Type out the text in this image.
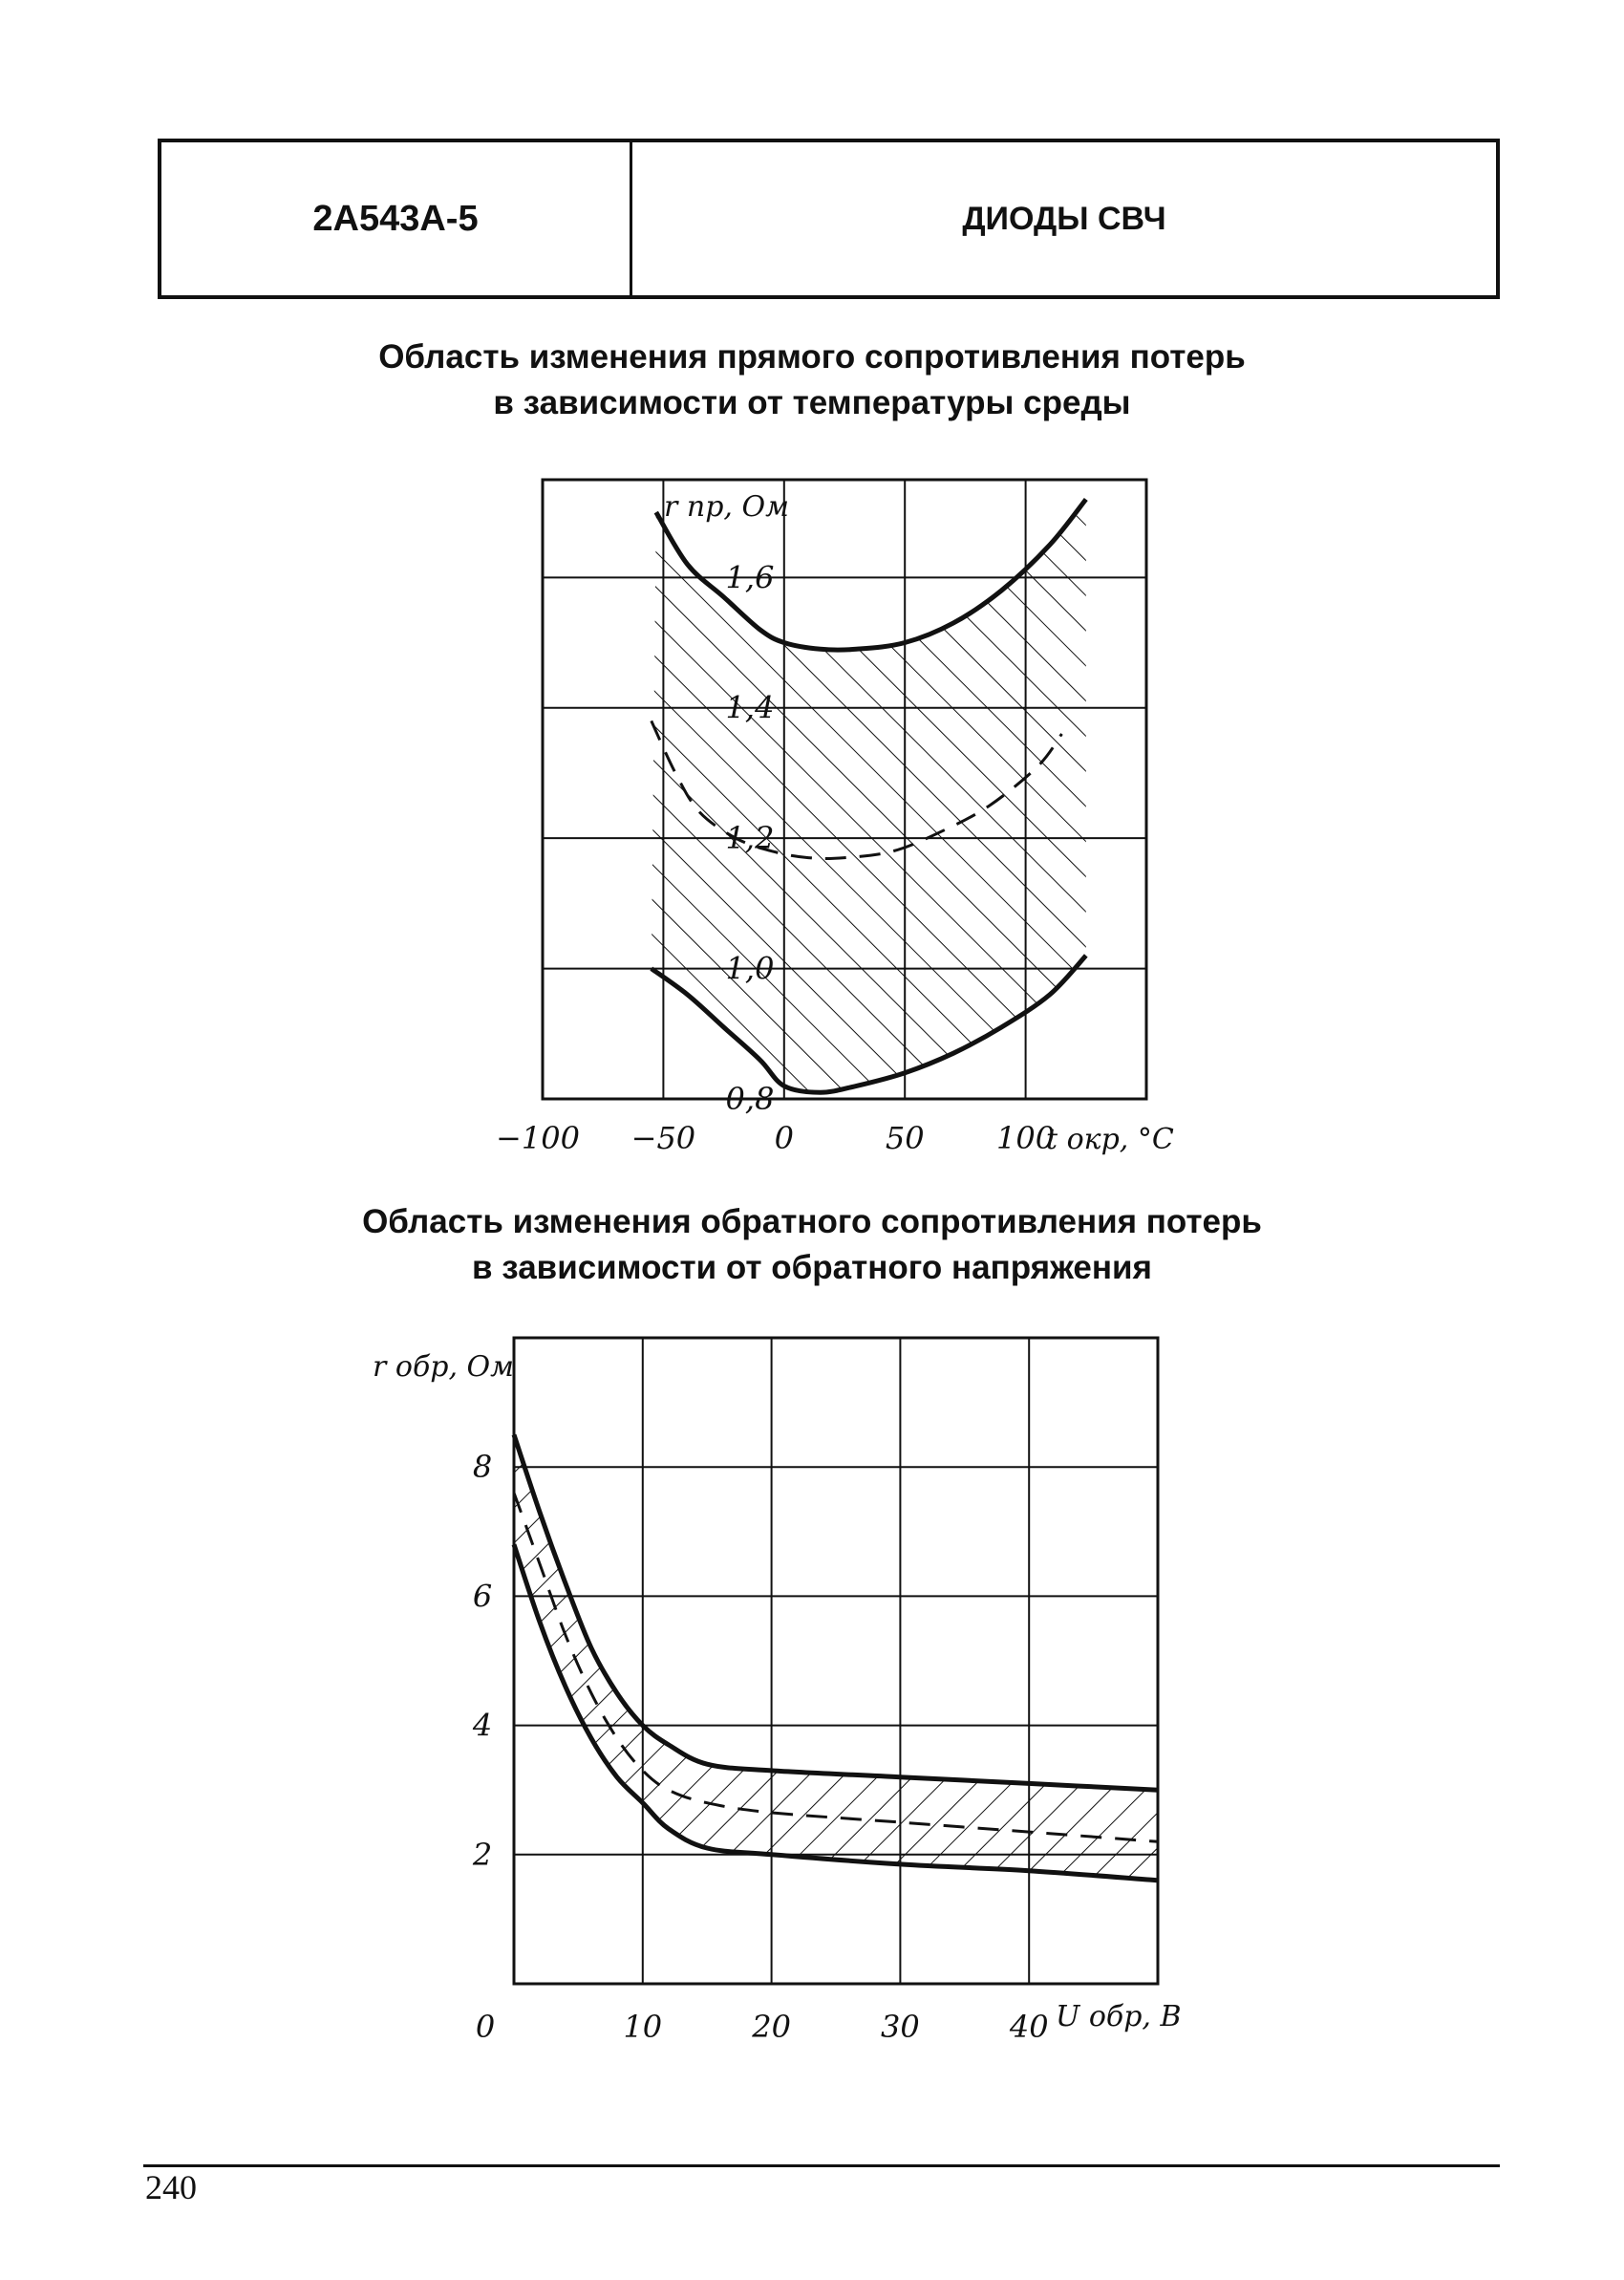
2А543А-5	ДИОДЫ СВЧ
Область изменения прямого сопротивления потерь
в зависимости от температуры среды
−100 −50	0	50 100
0,8
1,0
1,2
1,4
1,6
t окр, °C
r пр, Ом
Область изменения обратного сопротивления потерь
в зависимости от обратного напряжения
0	10	20	30	40
2
4
6
8
U обр, В
r обр, Ом
240
